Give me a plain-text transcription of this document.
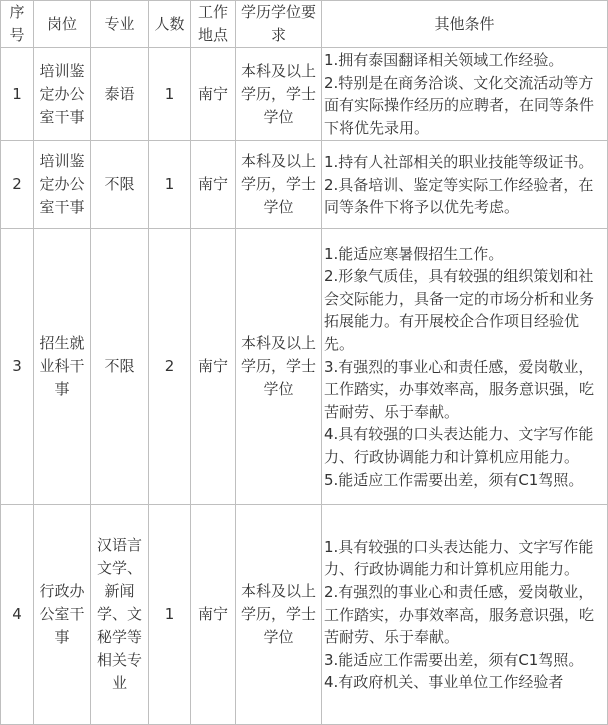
序号	岗位	专业	人数	工作地点	学历学位要求	其他条件
1	培训鉴定办公室干事	泰语	1	南宁	本科及以上学历，学士学位	1.拥有泰国翻译相关领域工作经验。

2.特别是在商务洽谈、文化交流活动等方面有实际操作经历的应聘者，在同等条件下将优先录用。

2	培训鉴定办公室干事	不限	1	南宁	本科及以上学历，学士学位	1.持有人社部相关的职业技能等级证书。

2.具备培训、鉴定等实际工作经验者，在同等条件下将予以优先考虑。

3	招生就业科干事	不限	2	南宁	本科及以上学历，学士学位	1.能适应寒暑假招生工作。

2.形象气质佳，具有较强的组织策划和社会交际能力，具备一定的市场分析和业务拓展能力。有开展校企合作项目经验优先。

3.有强烈的事业心和责任感，爱岗敬业，工作踏实，办事效率高，服务意识强，吃苦耐劳、乐于奉献。

4.具有较强的口头表达能力、文字写作能力、行政协调能力和计算机应用能力。

5.能适应工作需要出差，须有C1驾照。

4	行政办公室干事	汉语言文学、新闻学、文秘学等相关专业	1	南宁	本科及以上学历，学士学位	1.具有较强的口头表达能力、文字写作能力、行政协调能力和计算机应用能力。

2.有强烈的事业心和责任感，爱岗敬业，工作踏实，办事效率高，服务意识强，吃苦耐劳、乐于奉献。

3.能适应工作需要出差，须有C1驾照。

4.有政府机关、事业单位工作经验者
